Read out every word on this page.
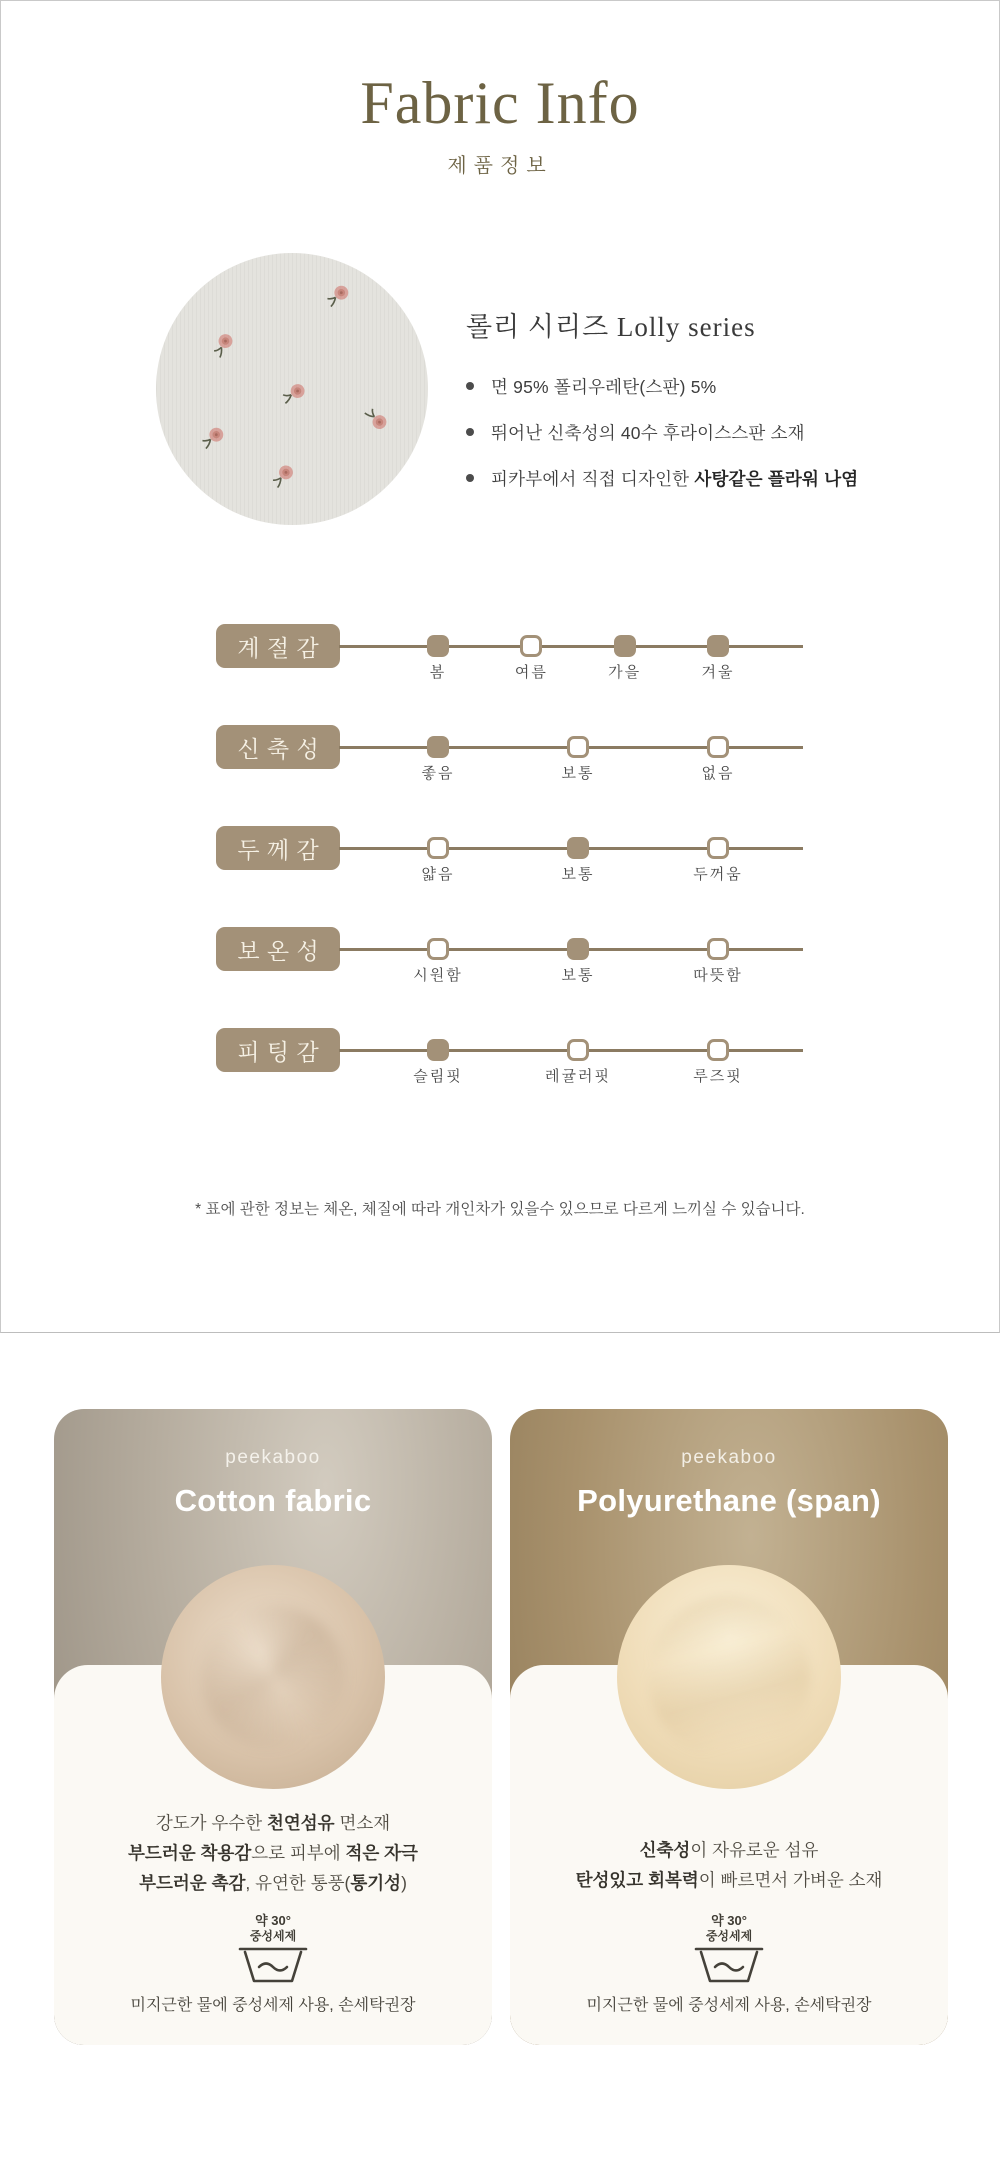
Fabric Info
제품정보
롤리 시리즈 Lolly series
면 95% 폴리우레탄(스판) 5%
뛰어난 신축성의 40수 후라이스스판 소재
피카부에서 직접 디자인한 사탕같은 플라워 나염
계절감
봄	여름	가을	겨울
신축성
좋음	보통	없음
두께감
얇음	보통	두꺼움
보온성
시원함	보통	따뜻함
피팅감
슬림핏	레귤러핏	루즈핏
* 표에 관한 정보는 체온, 체질에 따라 개인차가 있을수 있으므로 다르게 느끼실 수 있습니다.
peekaboo
Cotton fabric
강도가 우수한 천연섬유 면소재
부드러운 착용감으로 피부에 적은 자극
부드러운 촉감, 유연한 통풍(통기성)
약 30°
중성세제
미지근한 물에 중성세제 사용, 손세탁권장
peekaboo
Polyurethane (span)
신축성이 자유로운 섬유
탄성있고 회복력이 빠르면서 가벼운 소재
약 30°
중성세제
미지근한 물에 중성세제 사용, 손세탁권장
